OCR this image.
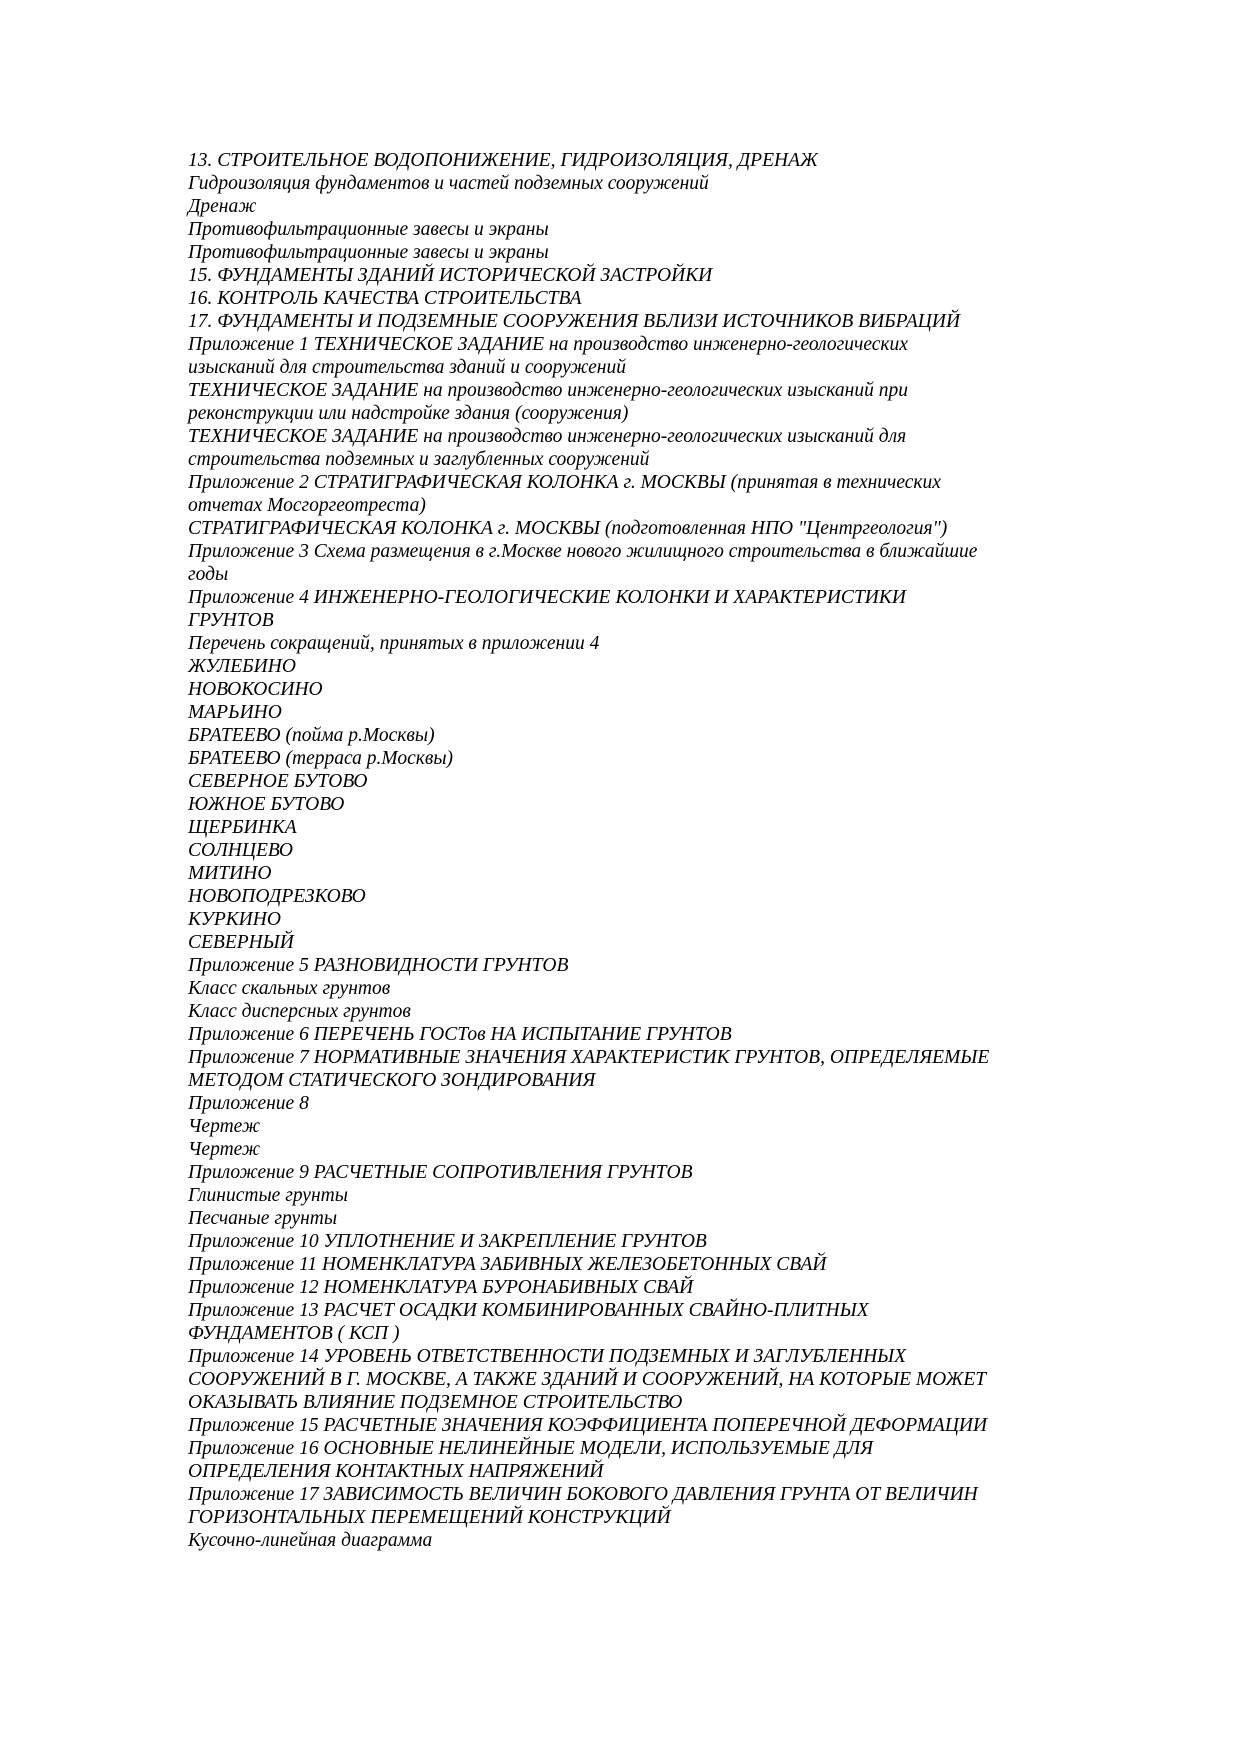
13. СТРОИТЕЛЬНОЕ ВОДОПОНИЖЕНИЕ, ГИДРОИЗОЛЯЦИЯ, ДРЕНАЖ
Гидроизоляция фундаментов и частей подземных сооружений
Дренаж
Противофильтрационные завесы и экраны
Противофильтрационные завесы и экраны
15. ФУНДАМЕНТЫ ЗДАНИЙ ИСТОРИЧЕСКОЙ ЗАСТРОЙКИ
16. КОНТРОЛЬ КАЧЕСТВА СТРОИТЕЛЬСТВА
17. ФУНДАМЕНТЫ И ПОДЗЕМНЫЕ СООРУЖЕНИЯ ВБЛИЗИ ИСТОЧНИКОВ ВИБРАЦИЙ
Приложение 1 ТЕХНИЧЕСКОЕ ЗАДАНИЕ на производство инженерно-геологических
изысканий для строительства зданий и сооружений
ТЕХНИЧЕСКОЕ ЗАДАНИЕ на производство инженерно-геологических изысканий при
реконструкции или надстройке здания (сооружения)
ТЕХНИЧЕСКОЕ ЗАДАНИЕ на производство инженерно-геологических изысканий для
строительства подземных и заглубленных сооружений
Приложение 2 СТРАТИГРАФИЧЕСКАЯ КОЛОНКА г. МОСКВЫ (принятая в технических
отчетах Мосгоргеотреста)
СТРАТИГРАФИЧЕСКАЯ КОЛОНКА г. МОСКВЫ (подготовленная НПО "Центргеология")
Приложение 3 Схема размещения в г.Москве нового жилищного строительства в ближайшие
годы
Приложение 4 ИНЖЕНЕРНО-ГЕОЛОГИЧЕСКИЕ КОЛОНКИ И ХАРАКТЕРИСТИКИ
ГРУНТОВ
Перечень сокращений, принятых в приложении 4
ЖУЛЕБИНО
НОВОКОСИНО
МАРЬИНО
БРАТЕЕВО (пойма р.Москвы)
БРАТЕЕВО (терраса р.Москвы)
СЕВЕРНОЕ БУТОВО
ЮЖНОЕ БУТОВО
ЩЕРБИНКА
СОЛНЦЕВО
МИТИНО
НОВОПОДРЕЗКОВО
КУРКИНО
СЕВЕРНЫЙ
Приложение 5 РАЗНОВИДНОСТИ ГРУНТОВ
Класс скальных грунтов
Класс дисперсных грунтов
Приложение 6 ПЕРЕЧЕНЬ ГОСТов НА ИСПЫТАНИЕ ГРУНТОВ
Приложение 7 НОРМАТИВНЫЕ ЗНАЧЕНИЯ ХАРАКТЕРИСТИК ГРУНТОВ, ОПРЕДЕЛЯЕМЫЕ
МЕТОДОМ СТАТИЧЕСКОГО ЗОНДИРОВАНИЯ
Приложение 8
Чертеж
Чертеж
Приложение 9 РАСЧЕТНЫЕ СОПРОТИВЛЕНИЯ ГРУНТОВ
Глинистые грунты
Песчаные грунты
Приложение 10 УПЛОТНЕНИЕ И ЗАКРЕПЛЕНИЕ ГРУНТОВ
Приложение 11 НОМЕНКЛАТУРА ЗАБИВНЫХ ЖЕЛЕЗОБЕТОННЫХ СВАЙ
Приложение 12 НОМЕНКЛАТУРА БУРОНАБИВНЫХ СВАЙ
Приложение 13 РАСЧЕТ ОСАДКИ КОМБИНИРОВАННЫХ СВАЙНО-ПЛИТНЫХ
ФУНДАМЕНТОВ ( КСП )
Приложение 14 УРОВЕНЬ ОТВЕТСТВЕННОСТИ ПОДЗЕМНЫХ И ЗАГЛУБЛЕННЫХ
СООРУЖЕНИЙ В Г. МОСКВЕ, А ТАКЖЕ ЗДАНИЙ И СООРУЖЕНИЙ, НА КОТОРЫЕ МОЖЕТ
ОКАЗЫВАТЬ ВЛИЯНИЕ ПОДЗЕМНОЕ СТРОИТЕЛЬСТВО
Приложение 15 РАСЧЕТНЫЕ ЗНАЧЕНИЯ КОЭФФИЦИЕНТА ПОПЕРЕЧНОЙ ДЕФОРМАЦИИ
Приложение 16 ОСНОВНЫЕ НЕЛИНЕЙНЫЕ МОДЕЛИ, ИСПОЛЬЗУЕМЫЕ ДЛЯ
ОПРЕДЕЛЕНИЯ КОНТАКТНЫХ НАПРЯЖЕНИЙ
Приложение 17 ЗАВИСИМОСТЬ ВЕЛИЧИН БОКОВОГО ДАВЛЕНИЯ ГРУНТА ОТ ВЕЛИЧИН
ГОРИЗОНТАЛЬНЫХ ПЕРЕМЕЩЕНИЙ КОНСТРУКЦИЙ
Кусочно-линейная диаграмма
